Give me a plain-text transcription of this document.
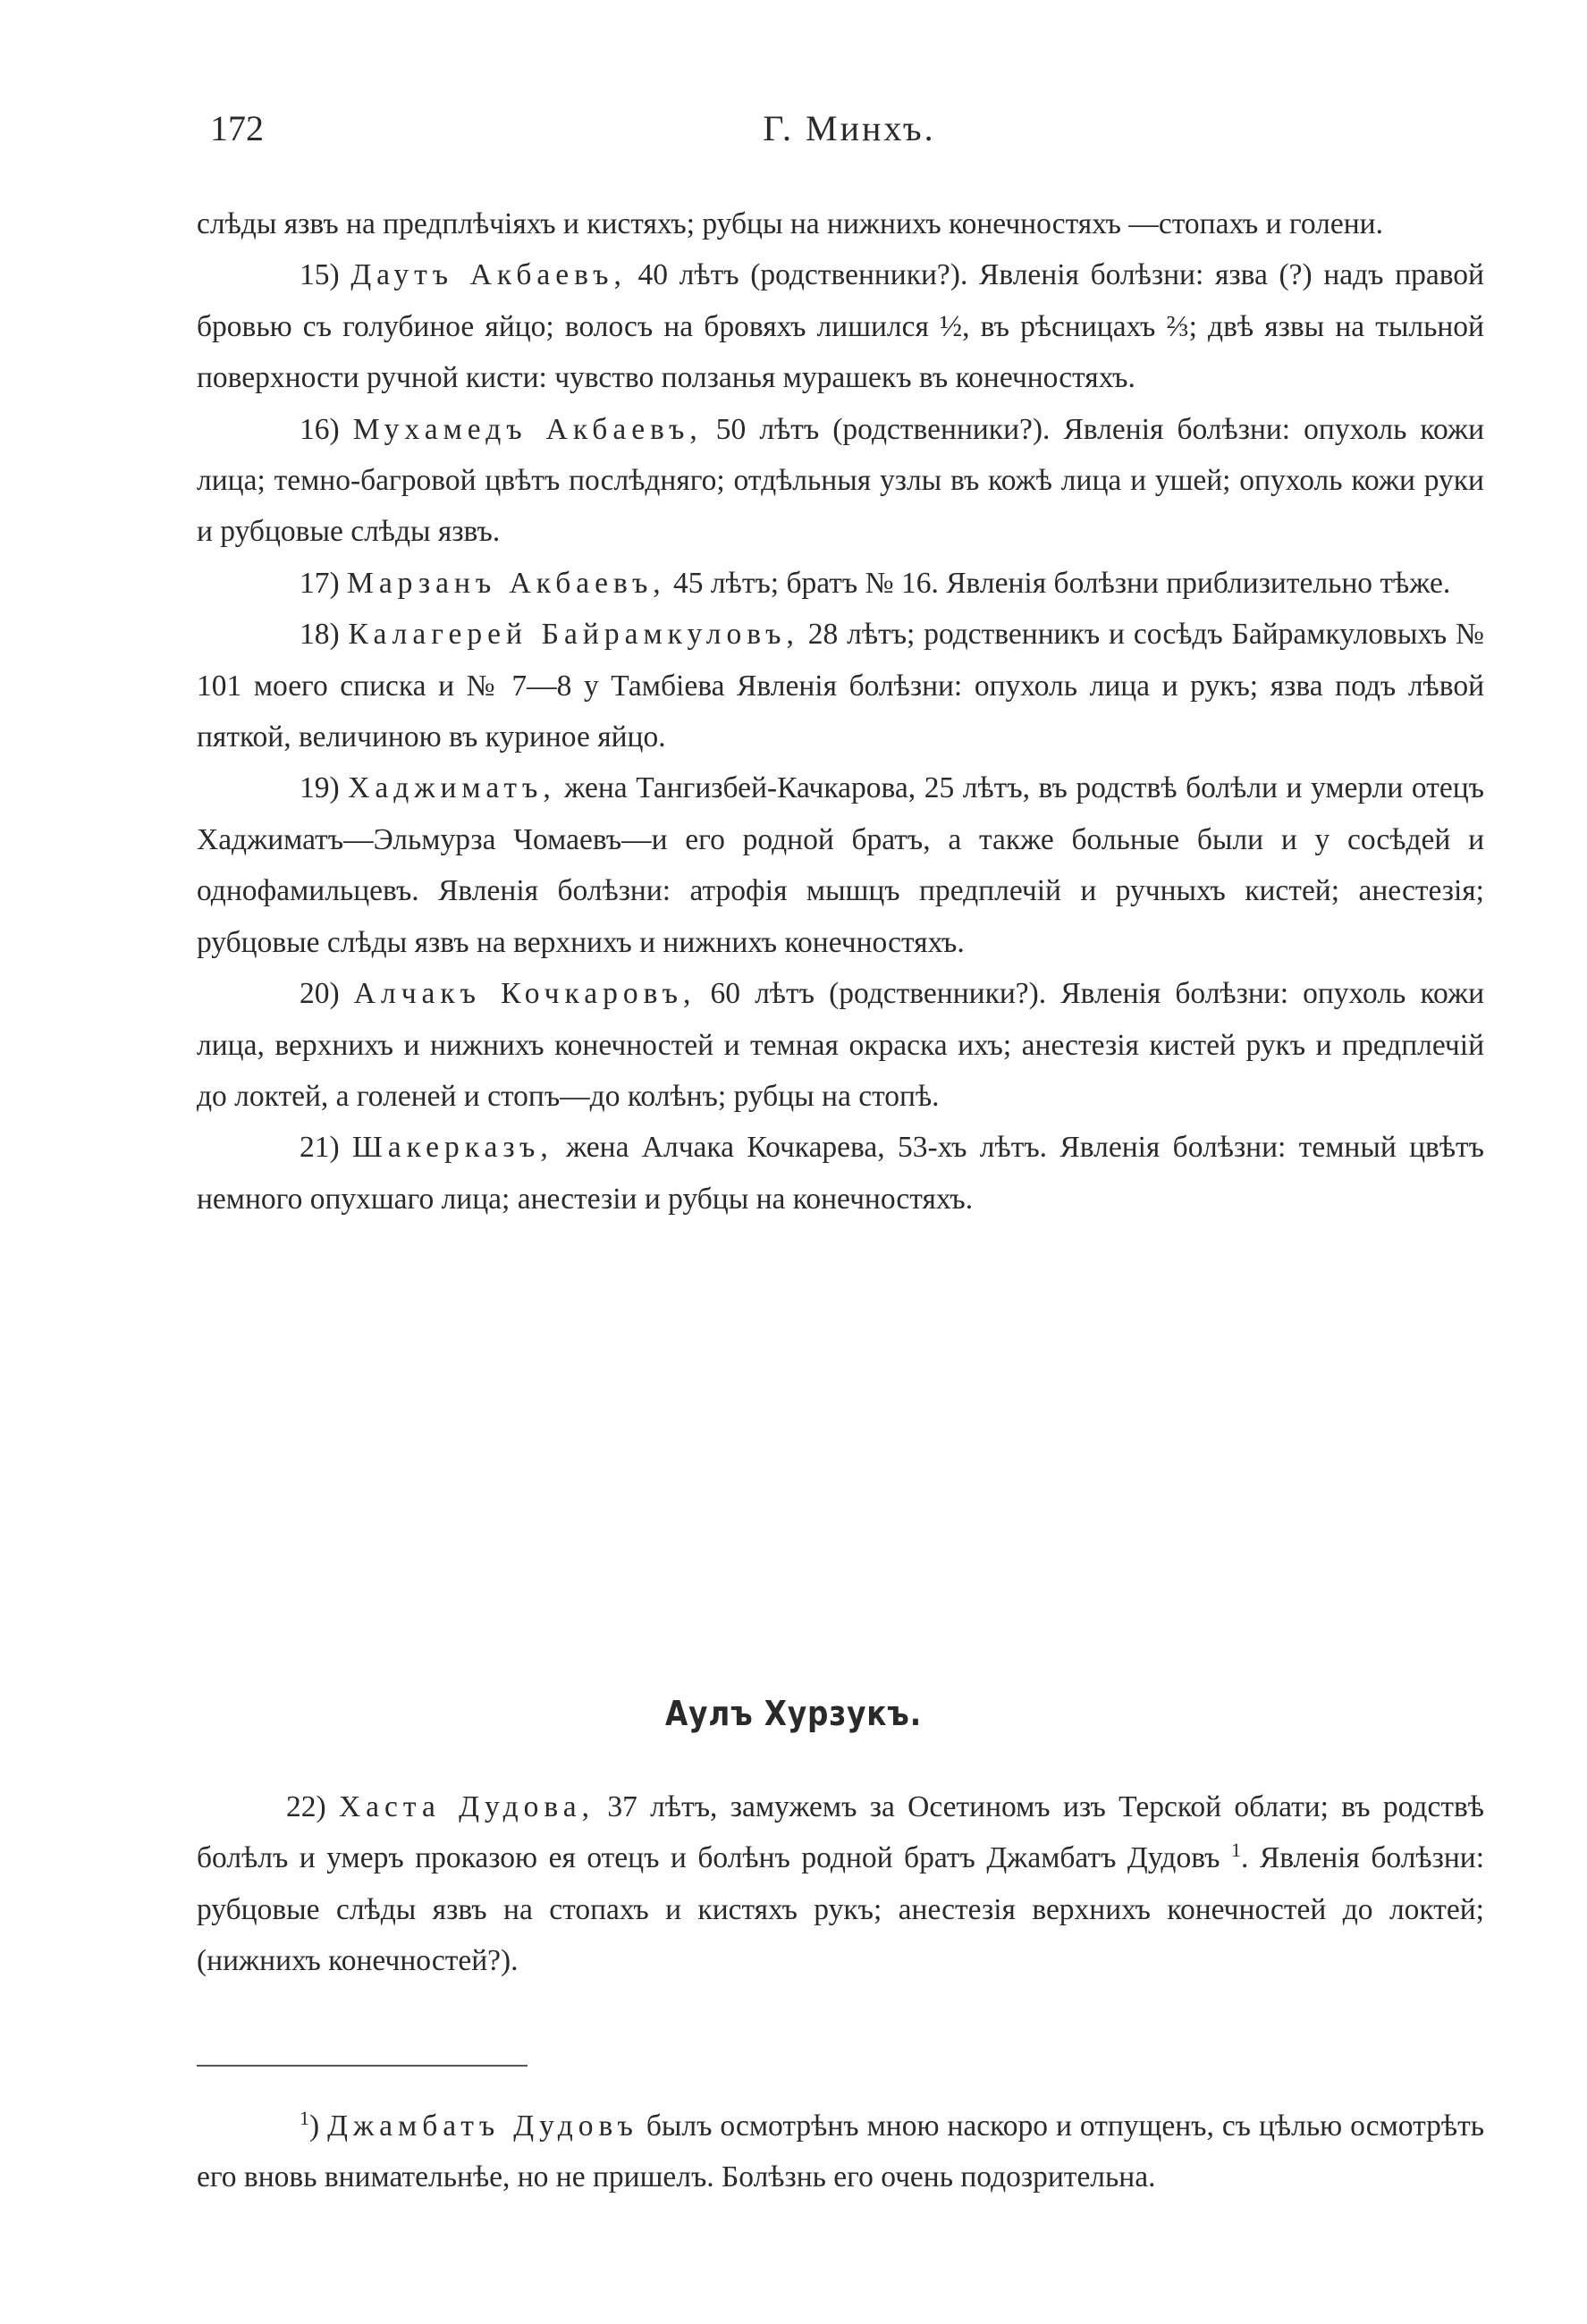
172	Г. Минхъ.

слѣды язвъ на предплѣчіяхъ и кистяхъ; рубцы на нижнихъ конечностяхъ —стопахъ и голени.

15) Даутъ Акбаевъ, 40 лѣтъ (родственники?). Явленія болѣзни: язва (?) надъ правой бровью съ голубиное яйцо; волосъ на бровяхъ лишился ½, въ рѣсницахъ ⅔; двѣ язвы на тыльной поверхности ручной кисти: чувство ползанья мурашекъ въ конечностяхъ.

16) Мухамедъ Акбаевъ, 50 лѣтъ (родственники?). Явленія болѣзни: опухоль кожи лица; темно-багровой цвѣтъ послѣдняго; отдѣльныя узлы въ кожѣ лица и ушей; опухоль кожи руки и рубцовые слѣды язвъ.

17) Марзанъ Акбаевъ, 45 лѣтъ; братъ № 16. Явленія болѣзни приблизительно тѣже.

18) Калагерей Байрамкуловъ, 28 лѣтъ; родственникъ и сосѣдъ Байрамкуловыхъ № 101 моего списка и № 7—8 у Тамбіева Явленія болѣзни: опухоль лица и рукъ; язва подъ лѣвой пяткой, величиною въ куриное яйцо.

19) Хаджиматъ, жена Тангизбей-Качкарова, 25 лѣтъ, въ родствѣ болѣли и умерли отецъ Хаджиматъ—Эльмурза Чомаевъ—и его родной братъ, а также больные были и у сосѣдей и однофамильцевъ. Явленія болѣзни: атрофія мышцъ предплечій и ручныхъ кистей; анестезія; рубцовые слѣды язвъ на верхнихъ и нижнихъ конечностяхъ.

20) Алчакъ Кочкаровъ, 60 лѣтъ (родственники?). Явленія болѣзни: опухоль кожи лица, верхнихъ и нижнихъ конечностей и темная окраска ихъ; анестезія кистей рукъ и предплечій до локтей, а голеней и стопъ—до колѣнъ; рубцы на стопѣ.

21) Шакерказъ, жена Алчака Кочкарева, 53-хъ лѣтъ. Явленія болѣзни: темный цвѣтъ немного опухшаго лица; анестезіи и рубцы на конечностяхъ.

Аулъ Хурзукъ.

22) Хаста Дудова, 37 лѣтъ, замужемъ за Осетиномъ изъ Терской облати; въ родствѣ болѣлъ и умеръ проказою ея отецъ и болѣнъ родной братъ Джамбатъ Дудовъ $^1$. Явленія болѣзни: рубцовые слѣды язвъ на стопахъ и кистяхъ рукъ; анестезія верхнихъ конечностей до локтей; (нижнихъ конечностей?).

$^1$) Джамбатъ Дудовъ былъ осмотрѣнъ мною наскоро и отпущенъ, съ цѣлью осмотрѣть его вновь внимательнѣе, но не пришелъ. Болѣзнь его очень подозрительна.
